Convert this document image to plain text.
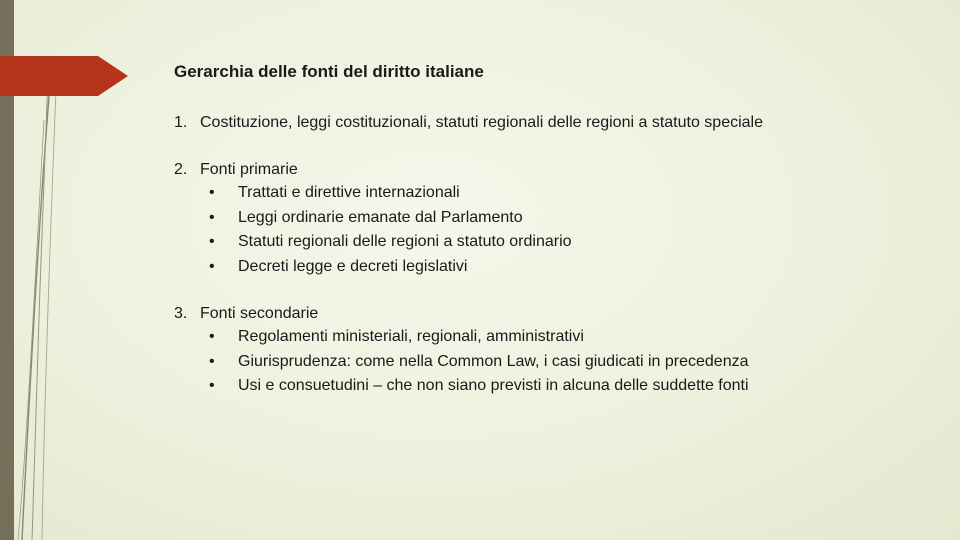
Gerarchia delle fonti del diritto italiane
1. Costituzione, leggi costituzionali, statuti regionali delle regioni a statuto speciale
2. Fonti primarie
• Trattati e direttive internazionali
• Leggi ordinarie emanate dal Parlamento
• Statuti regionali delle regioni a statuto ordinario
• Decreti legge e decreti legislativi
3. Fonti secondarie
• Regolamenti ministeriali, regionali, amministrativi
• Giurisprudenza: come nella Common Law, i casi giudicati in precedenza
• Usi e consuetudini – che non siano previsti in alcuna delle suddette fonti
